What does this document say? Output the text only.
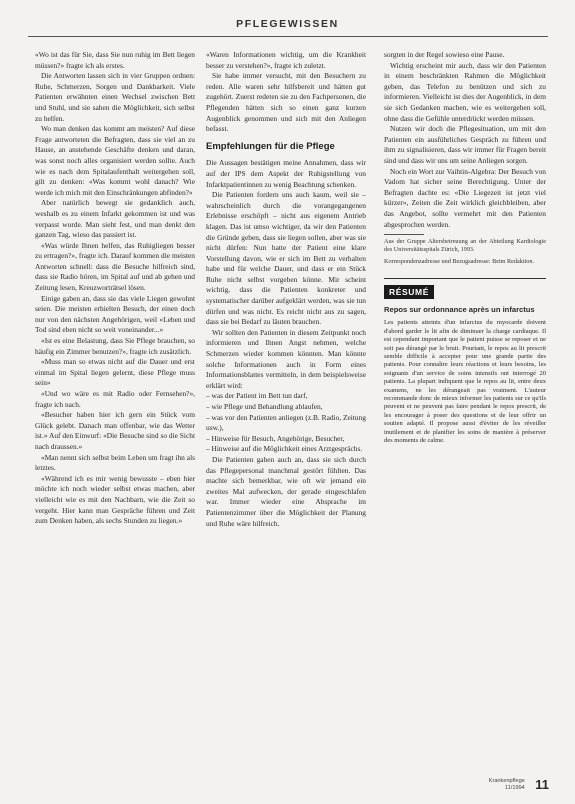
PFLEGEWISSEN

«Wo ist das für Sie, dass Sie nun ruhig im Bett liegen müssen?» fragte ich als erstes.

Die Antworten lassen sich in vier Gruppen ordnen: Ruhe, Schmerzen, Sorgen und Dankbarkeit. Viele Patienten erwähnten einen Wechsel zwischen Bett und Stuhl, und sie sahen die Möglichkeit, sich selbst zu helfen.

Wo man denken das kommt am meisten? Auf diese Frage antworteten die Befragten, dass sie viel an zu Hause, an anstehende Geschäfte denken und daran, was sonst noch alles organisiert werden sollte. Auch wie es nach dem Spitalaufenthalt weitergehen soll, gilt zu denken: «Was kommt wohl danach? Wie werde ich mich mit den Einschränkungen abfinden?»

Aber natürlich bewegt sie gedanklich auch, weshalb es zu einem Infarkt gekommen ist und was verpasst wurde. Man sieht fest, und man denkt den ganzen Tag, wieso das passiert ist.

«Was würde Ihnen helfen, das Ruhigliegen besser zu ertragen?», fragte ich. Darauf kommen die meisten Antworten schnell: dass die Besuche hilfreich sind, dass sie Radio hören, im Spital auf und ab gehen und Zeitung lesen, Kreuzworträtsel lösen.

Einige gaben an, dass sie das viele Liegen gewohnt seien. Die meisten erhielten Besuch, der einen doch nur von den nächsten Angehörigen, weil «Leben und Tod sind eben nicht so weit voneinander...»

«Ist es eine Belastung, dass Sie Pflege brauchen, so häufig ein Zimmer benutzen?», fragte ich zusätzlich.

«Muss man so etwas nicht auf die Dauer und erst einmal im Spital liegen gelernt, diese Pflege muss sein»

«Und wo wäre es mit Radio oder Fernsehen?», fragte ich nach.

«Besucher haben hier ich gern ein Stück vom Glück gelebt. Danach man offenbar, wie das Wetter ist.» Auf den Einwurf: «Die Besuche sind so die Sicht nach draussen.»

«Man nennt sich selbst beim Leben um fragt ihn als letztes.

«Während ich es mir wenig bewusste – eben hier möchte ich noch wieder selbst etwas machen, aber vielleicht wie es mit den Nachbarn, wie die Zeit so vergeht. Hier kann man Gespräche führen und Zeit zum Denken haben, als sechs Stunden zu liegen.»

«Waren Informationen wichtig, um die Krankheit besser zu verstehen?», fragte ich zuletzt.

Sie habe immer versucht, mit den Besuchern zu reden. Alle waren sehr hilfsbereit und hätten gut zugehört. Zuerst redeten sie zu den Fachpersonen, die Pflegenden hätten sich so einen ganz kurzen Augenblick genommen und sich mit den Anliegen befasst.

Empfehlungen für die Pflege

Die Aussagen bestätigen meine Annahmen, dass wir auf der IPS dem Aspekt der Ruhigstellung von Infarktpatientinnen zu wenig Beachtung schenken.

Die Patienten fordern uns auch kaum, weil sie – wahrscheinlich durch die vorangegangenen Erlebnisse erschöpft – nicht aus eigenem Antrieb klagen. Das ist umso wichtiger, da wir den Patienten die Gründe geben, dass sie liegen sollen, aber was sie nicht dürfen: Nun hatte der Patient eine klare Vorstellung davon, wie er sich im Bett zu verhalten habe und für welche Dauer, und dass er ein Stück Ruhe nicht selbst vorgeben könne. Mir scheint wichtig, dass die Patienten konkreter und systematischer darüber aufgeklärt werden, was sie tun dürfen und was nicht. Es reicht nicht aus zu sagen, dass sie bei Bedarf zu läuten brauchen.

Wir sollten den Patienten in diesem Zeitpunkt noch informieren und Ihnen Angst nehmen, welche Schmerzen wieder kommen könnten. Man könnte solche Informationen auch in Form eines Informationsblattes vermitteln, in dem beispielsweise erklärt wird:

– was der Patient im Bett tun darf,
– wie Pflege und Behandlung ablaufen,
– was vor den Patienten anliegen (z.B. Radio, Zeitung usw.),
– Hinweise für Besuch, Angehörige, Besucher,
– Hinweise auf die Möglichkeit eines Arztgesprächs.

Die Patienten gaben auch an, dass sie sich durch das Pflegepersonal manchmal gestört fühlten. Das machte sich bemerkbar, wie oft wir jemand ein zweites Mal aufwecken, der gerade eingeschlafen war. Immer wieder eine Absprache im Patientenzimmer über die Möglichkeit der Planung und Ruhe wäre hilfreich.

sorgten in der Regel sowieso eine Pause.

Wichtig erscheint mir auch, dass wir den Patienten in einem beschränkten Rahmen die Möglichkeit geben, das Telefon zu benützen und sich zu informieren. Vielleicht ist dies der Augenblick, in dem sie sich Gedanken machen, wie es weitergehen soll, ohne dass die Gefühle unterdrückt werden müssen.

Nutzen wir doch die Pflegesituation, um mit den Patienten ein ausführliches Gespräch zu führen und ihm zu signalisieren, dass wir immer für Fragen bereit sind und dass wir uns um seine Anliegen sorgen.

Noch ein Wort zur Vaihtin-Algebra: Der Besuch von Vadom hat sicher seine Berechtigung. Unter der Befragten dachte es: «Die Liegezeit ist jetzt viel kürzer», Zeiten die Zeit wirklich gleichbleiben, aber das Angebot, sollte vermehrt mit den Patienten abgesprochen werden.

Aus der Gruppe Altersbetreuung an der Abteilung Kardiologie des Universitätsspitals Zürich, 1993.
Korrespondenzadresse und Bezugsadresse: Beim Redaktion.
RÉSUMÉ
Repos sur ordonnance après un infarctus
Les patients atteints d'un infarctus du myocarde doivent d'abord garder le lit afin de diminuer la charge cardiaque. Il est cependant important que le patient puisse se reposer et ne soit pas dérangé par le bruit. Pourtant, le repos au lit prescrit semble difficile à accepter pour une grande partie des patients. Pour connaître leurs réactions et leurs besoins, les soignants d'un service de soins intensifs ont interrogé 20 patients. La plupart indiquent que le repos au lit, entre deux examens, ne les dérangeait pas vraiment. L'auteur recommande donc de mieux informer les patients sur ce qu'ils peuvent et ne peuvent pas faire pendant le repos prescrit, de les encourager à poser des questions et de leur offrir un soutien adapté. Il propose aussi d'éviter de les réveiller inutilement et de planifier les soins de manière à préserver des moments de calme.
Krankenpflege
11/1994 11
